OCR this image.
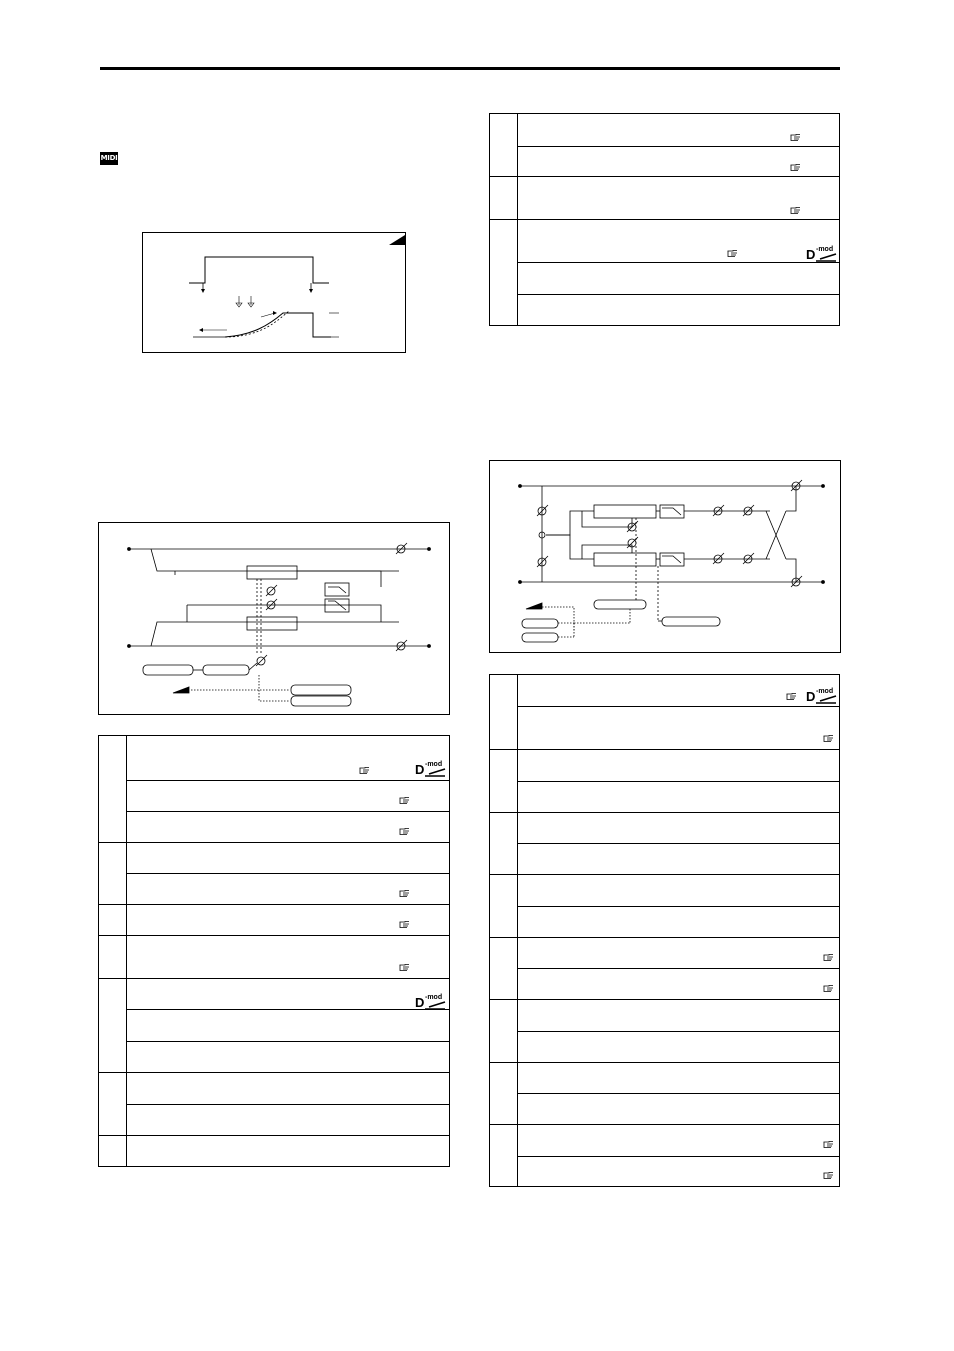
MIDI
D -mod
D -mod
D -mod
D -mod
